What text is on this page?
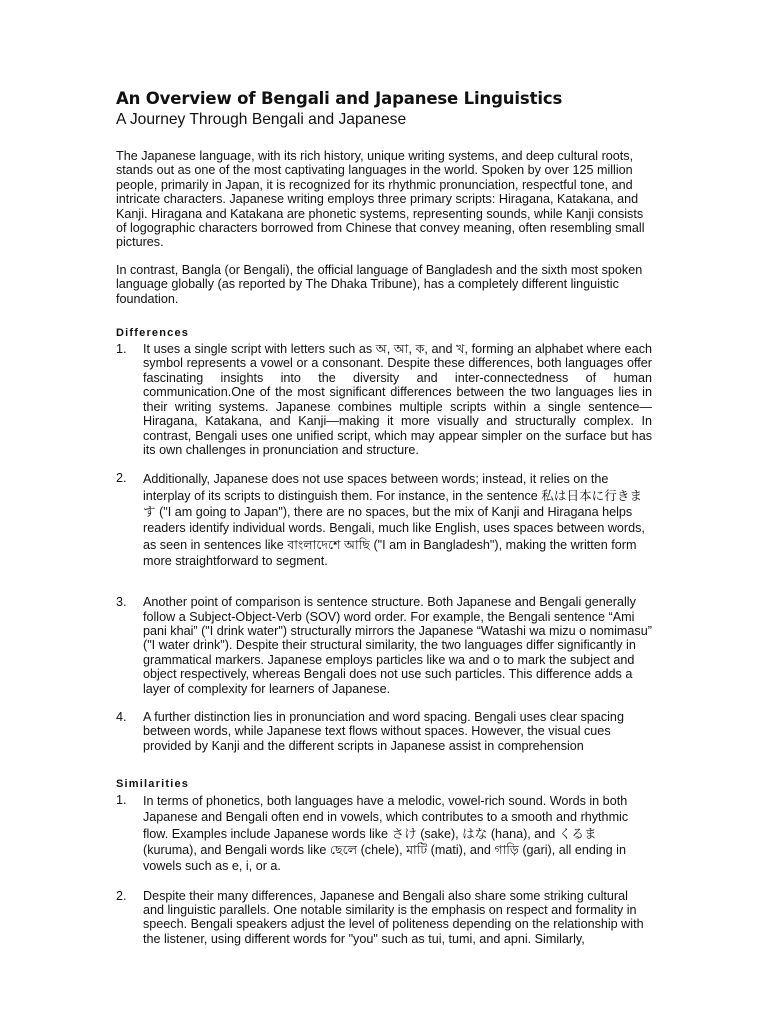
An Overview of Bengali and Japanese Linguistics
A Journey Through Bengali and Japanese

The Japanese language, with its rich history, unique writing systems, and deep cultural roots, stands out as one of the most captivating languages in the world. Spoken by over 125 million people, primarily in Japan, it is recognized for its rhythmic pronunciation, respectful tone, and intricate characters. Japanese writing employs three primary scripts: Hiragana, Katakana, and Kanji. Hiragana and Katakana are phonetic systems, representing sounds, while Kanji consists of logographic characters borrowed from Chinese that convey meaning, often resembling small pictures.

In contrast, Bangla (or Bengali), the official language of Bangladesh and the sixth most spoken language globally (as reported by The Dhaka Tribune), has a completely different linguistic foundation.

Differences
1.	It uses a single script with letters such as অ, আ, ক, and খ, forming an alphabet where each symbol represents a vowel or a consonant. Despite these differences, both languages offer fascinating insights into the diversity and inter-connectedness of human communication.One of the most significant differences between the two languages lies in their writing systems. Japanese combines multiple scripts within a single sentence—Hiragana, Katakana, and Kanji—making it more visually and structurally complex. In contrast, Bengali uses one unified script, which may appear simpler on the surface but has its own challenges in pronunciation and structure.
2.	Additionally, Japanese does not use spaces between words; instead, it relies on the interplay of its scripts to distinguish them. For instance, in the sentence 私は日本に行きます ("I am going to Japan"), there are no spaces, but the mix of Kanji and Hiragana helps readers identify individual words. Bengali, much like English, uses spaces between words, as seen in sentences like বাংলাদেশে আছি ("I am in Bangladesh"), making the written form more straightforward to segment.
3.	Another point of comparison is sentence structure. Both Japanese and Bengali generally follow a Subject-Object-Verb (SOV) word order. For example, the Bengali sentence “Ami pani khai” ("I drink water") structurally mirrors the Japanese “Watashi wa mizu o nomimasu” ("I water drink"). Despite their structural similarity, the two languages differ significantly in grammatical markers. Japanese employs particles like wa and o to mark the subject and object respectively, whereas Bengali does not use such particles. This difference adds a layer of complexity for learners of Japanese.
4.	A further distinction lies in pronunciation and word spacing. Bengali uses clear spacing between words, while Japanese text flows without spaces. However, the visual cues provided by Kanji and the different scripts in Japanese assist in comprehension
Similarities
1.	In terms of phonetics, both languages have a melodic, vowel-rich sound. Words in both Japanese and Bengali often end in vowels, which contributes to a smooth and rhythmic flow. Examples include Japanese words like さけ (sake), はな (hana), and くるま (kuruma), and Bengali words like ছেলে (chele), মাটি (mati), and গাড়ি (gari), all ending in vowels such as e, i, or a.
2.	Despite their many differences, Japanese and Bengali also share some striking cultural and linguistic parallels. One notable similarity is the emphasis on respect and formality in speech. Bengali speakers adjust the level of politeness depending on the relationship with the listener, using different words for "you" such as tui, tumi, and apni. Similarly,
